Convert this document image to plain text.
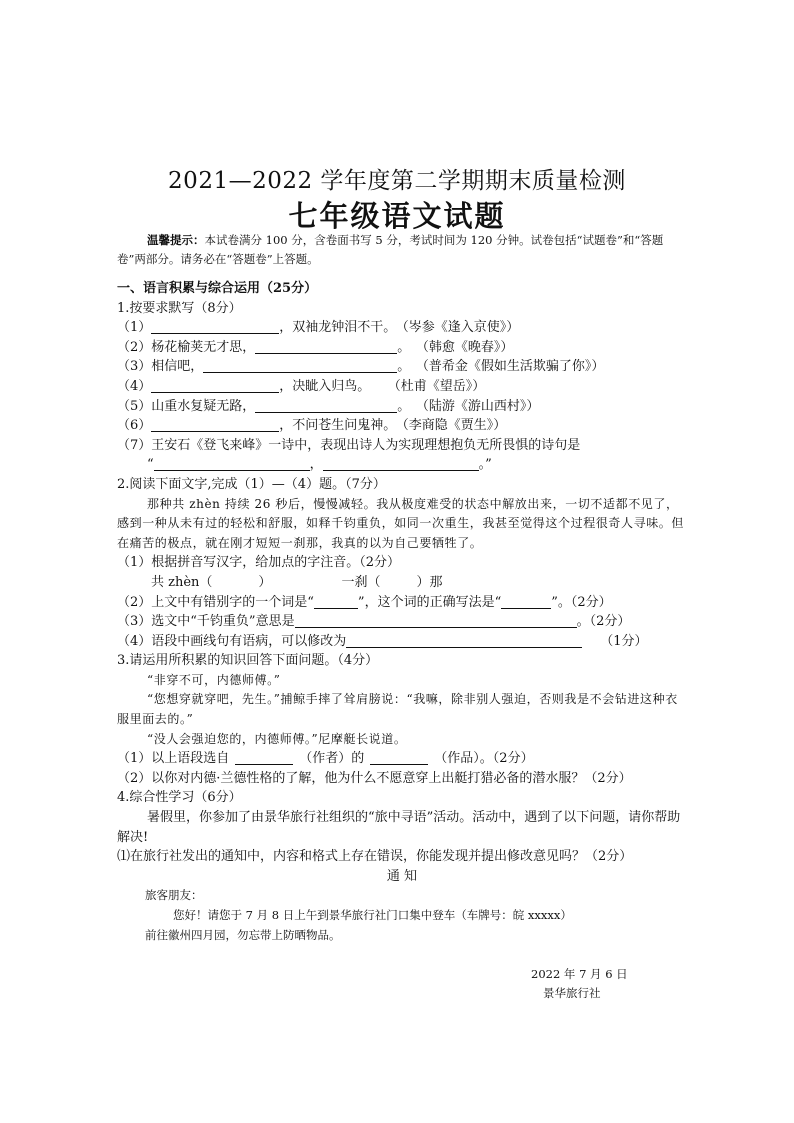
2021—2022 学年度第二学期期末质量检测
七年级语文试题
温馨提示：本试卷满分 100 分，含卷面书写 5 分，考试时间为 120 分钟。试卷包括“试题卷”和“答题卷”两部分。请务必在“答题卷”上答题。
一、语言积累与综合运用（25分）
1.按要求默写（8分）
（1）	，双袖龙钟泪不干。 （岑参《逢入京使》）
（2）杨花榆荚无才思，	。 （韩愈《晚春》）
（3）相信吧，	。 （普希金《假如生活欺骗了你》）
（4）	，决眦入归鸟。 （杜甫《望岳》）
（5）山重水复疑无路，	。 （陆游《游山西村》）
（6）	，不问苍生问鬼神。 （李商隐《贾生》）
（7）王安石《登飞来峰》一诗中，表现出诗人为实现理想抱负无所畏惧的诗句是
“	，	。”
2.阅读下面文字,完成（1）—（4）题。（7分）
那种共 zhèn 持续 26 秒后，慢慢减轻。我从极度难受的状态中解放出来，一切不适都不见了，感到一种从未有过的轻松和舒服，如释千钧重负，如同一次重生，我甚至觉得这个过程很奇人寻味。但在痛苦的极点，就在刚才短短一刹那，我真的以为自己要牺牲了。
（1）根据拼音写汉字，给加点的字注音。（2分）
共 zhèn（	）	一刹（	）那
（2）上文中有错别字的一个词是“	”，这个词的正确写法是“	”。（2分）
（3）选文中“千钧重负”意思是	。（2分）
（4）语段中画线句有语病，可以修改为	（1分）
3.请运用所积累的知识回答下面问题。（4分）
“非穿不可，内德师傅。”
“您想穿就穿吧，先生。”捕鲸手摔了耸肩膀说：“我嘛，除非别人强迫，否则我是不会钻进这种衣服里面去的。”
“没人会强迫您的，内德师傅。”尼摩艇长说道。
（1）以上语段选自	（作者）的	（作品）。（2分）
（2）以你对内德·兰德性格的了解，他为什么不愿意穿上出艇打猎必备的潜水服？（2分）
4.综合性学习（6分）
暑假里，你参加了由景华旅行社组织的“旅中寻语”活动。活动中，遇到了以下问题，请你帮助解决!
⑴在旅行社发出的通知中，内容和格式上存在错误，你能发现并提出修改意见吗？（2分）
通 知
旅客朋友：
您好！请您于 7 月 8 日上午到景华旅行社门口集中登车（车牌号：皖 xxxxx）
前往徽州四月园，勿忘带上防晒物品。
2022 年 7 月 6 日
景华旅行社
